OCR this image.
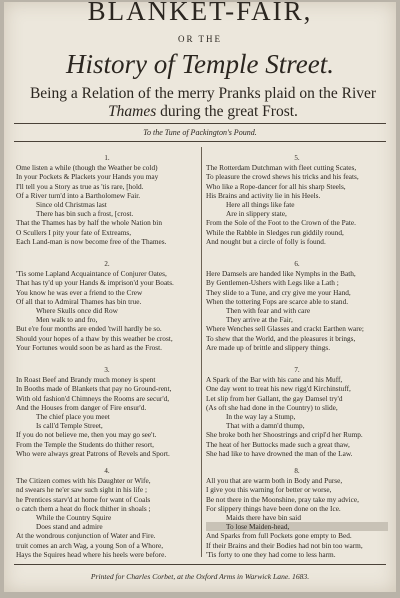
BLANKET-FAIR,
OR THE
History of Temple Street.
Being a Relation of the merry Pranks plaid on the River Thames during the great Frost.
To the Tune of Packington's Pound.
1.
Ome listen a while (though the Weather be cold)
In your Pockets & Plackets your Hands you may
I'll tell you a Story as true as 'tis rare, [hold.
Of a River turn'd into a Bartholomew Fair.
Since old Christmas last
There has bin such a frost, [crost.
That the Thames has by half the whole Nation bin
O Scullers I pity your fate of Extreams,
Each Land-man is now become free of the Thames.
2.
'Tis some Lapland Acquaintance of Conjurer Oates,
That has ty'd up your Hands & imprison'd your Boats.
You know he was ever a friend to the Crew
Of all that to Admiral Thames has bin true.
Where Skulls once did Row
Men walk to and fro,
But e're four months are ended 'twill hardly be so.
Should your hopes of a thaw by this weather be crost,
Your Fortunes would soon be as hard as the Frost.
3.
In Roast Beef and Brandy much money is spent
In Booths made of Blankets that pay no Ground-rent,
With old fashion'd Chimneys the Rooms are secur'd,
And the Houses from danger of Fire ensur'd.
The chief place you meet
Is call'd Temple Street,
If you do not believe me, then you may go see't.
From the Temple the Students do thither resort,
Who were always great Patrons of Revels and Sport.
4.
The Citizen comes with his Daughter or Wife,
nd swears he ne'er saw such sight in his life ;
he Prentices starv'd at home for want of Coals
o catch them a heat do flock thither in shoals ;
While the Country Squire
Does stand and admire
At the wondrous conjunction of Water and Fire.
truit comes an arch Wag, a young Son of a Whore,
Hays the Squires head where his heels were before.
5.
The Rotterdam Dutchman with fleet cutting Scates,
To pleasure the crowd shews his tricks and his feats,
Who like a Rope-dancer for all his sharp Steels,
His Brains and activity lie in his Heels.
Here all things like fate
Are in slippery state,
From the Sole of the Foot to the Crown of the Pate.
While the Rabble in Sledges run giddily round,
And nought but a circle of folly is found.
6.
Here Damsels are handed like Nymphs in the Bath,
By Gentlemen-Ushers with Legs like a Lath ;
They slide to a Tune, and cry give me your Hand,
When the tottering Fops are scarce able to stand.
Then with fear and with care
They arrive at the Fair,
Where Wenches sell Glasses and crackt Earthen ware;
To shew that the World, and the pleasures it brings,
Are made up of brittle and slippery things.
7.
A Spark of the Bar with his cane and his Muff,
One day went to treat his new rigg'd Kirchinstuff,
Let slip from her Gallant, the gay Damsel try'd
(As oft she had done in the Country) to slide,
In the way lay a Stump,
That with a damn'd thump,
She broke both her Shoostrings and cripl'd her Rump.
The heat of her Buttocks made such a great thaw,
She had like to have drowned the man of the Law.
8.
All you that are warm both in Body and Purse,
I give you this warning for better or worse,
Be not there in the Moonshine, pray take my advice,
For slippery things have been done on the Ice.
Maids there have bin said
To lose Maiden-head,
And Sparks from full Pockets gone empty to Bed.
If their Brains and their Bodies had not bin too warm,
'Tis forty to one they had come to less harm.
Printed for Charles Corbet, at the Oxford Arms in Warwick Lane. 1683.
